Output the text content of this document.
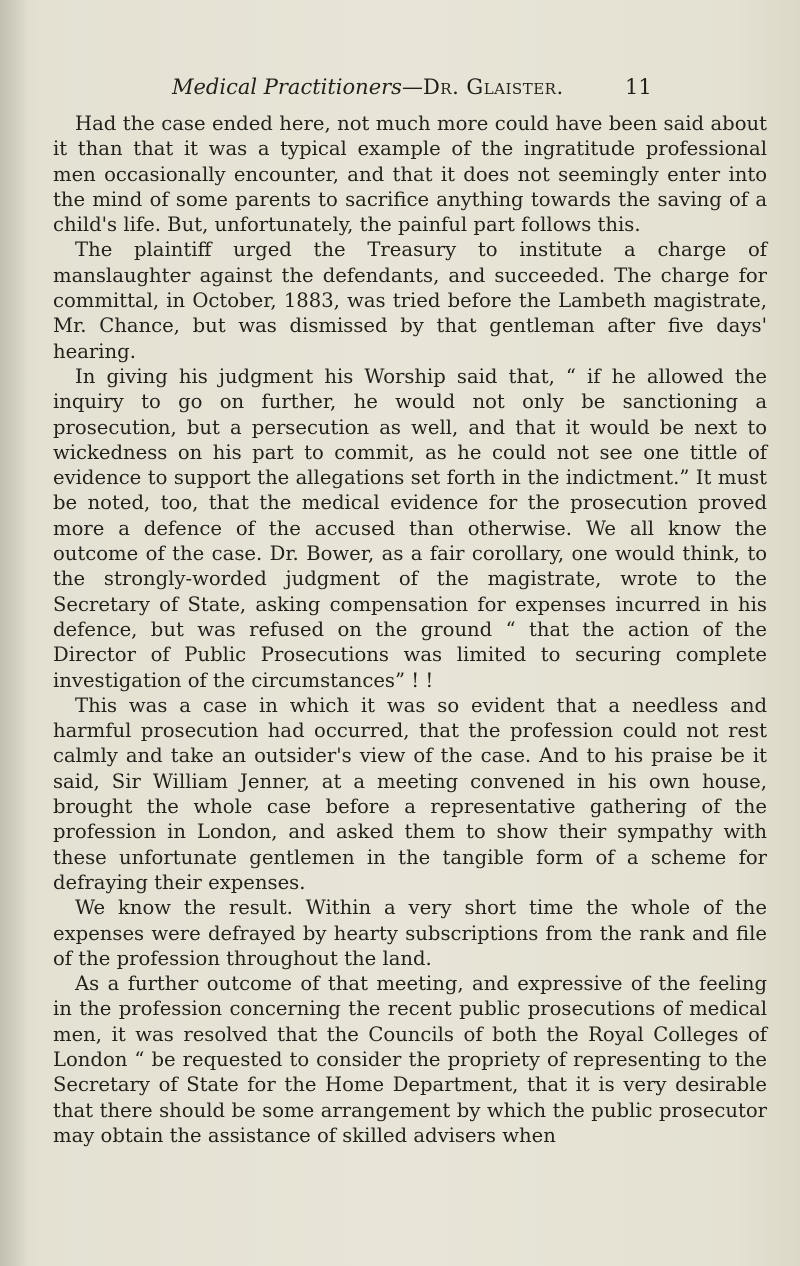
Medical Practitioners—Dr. Glaister.	11

Had the case ended here, not much more could have been said about it than that it was a typical example of the ingratitude professional men occasionally encounter, and that it does not seemingly enter into the mind of some parents to sacrifice anything towards the saving of a child's life. But, unfortunately, the painful part follows this.

The plaintiff urged the Treasury to institute a charge of manslaughter against the defendants, and succeeded. The charge for committal, in October, 1883, was tried before the Lambeth magistrate, Mr. Chance, but was dismissed by that gentleman after five days' hearing.

In giving his judgment his Worship said that, “ if he allowed the inquiry to go on further, he would not only be sanctioning a prosecution, but a persecution as well, and that it would be next to wickedness on his part to commit, as he could not see one tittle of evidence to support the allegations set forth in the indictment.” It must be noted, too, that the medical evidence for the prosecution proved more a defence of the accused than otherwise. We all know the outcome of the case. Dr. Bower, as a fair corollary, one would think, to the strongly-worded judgment of the magistrate, wrote to the Secretary of State, asking compensation for expenses incurred in his defence, but was refused on the ground “ that the action of the Director of Public Prosecutions was limited to securing complete investigation of the circumstances” ! !

This was a case in which it was so evident that a needless and harmful prosecution had occurred, that the profession could not rest calmly and take an outsider's view of the case. And to his praise be it said, Sir William Jenner, at a meeting convened in his own house, brought the whole case before a representative gathering of the profession in London, and asked them to show their sympathy with these unfortunate gentlemen in the tangible form of a scheme for defraying their expenses.

We know the result. Within a very short time the whole of the expenses were defrayed by hearty subscriptions from the rank and file of the profession throughout the land.

As a further outcome of that meeting, and expressive of the feeling in the profession concerning the recent public prosecutions of medical men, it was resolved that the Councils of both the Royal Colleges of London “ be requested to consider the propriety of representing to the Secretary of State for the Home Department, that it is very desirable that there should be some arrangement by which the public prosecutor may obtain the assistance of skilled advisers when
